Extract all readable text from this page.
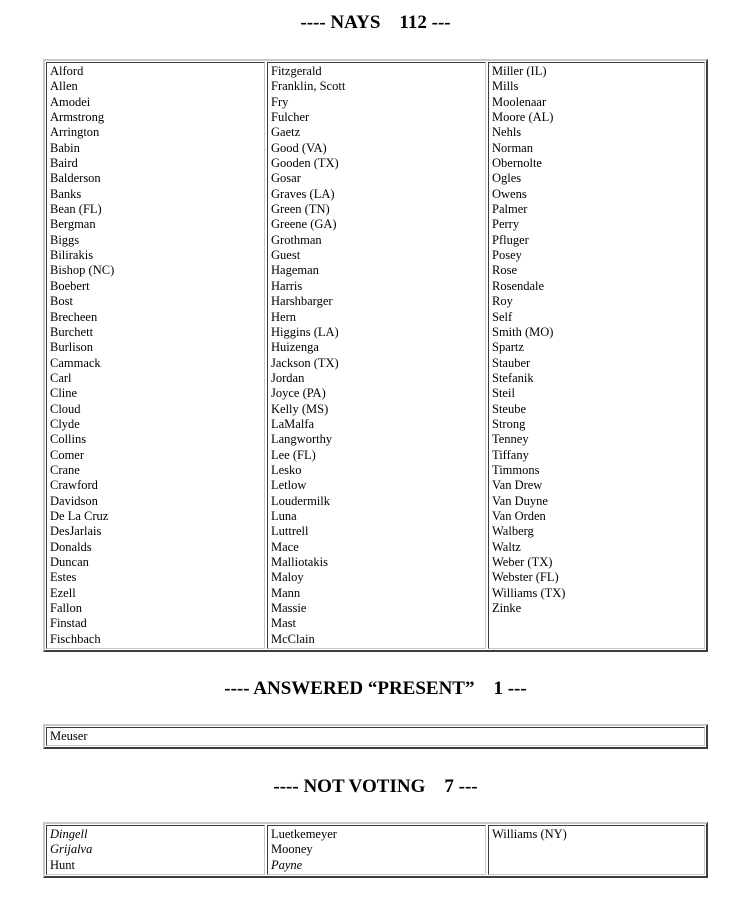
---- NAYS    112 ---
Alford
Allen
Amodei
Armstrong
Arrington
Babin
Baird
Balderson
Banks
Bean (FL)
Bergman
Biggs
Bilirakis
Bishop (NC)
Boebert
Bost
Brecheen
Burchett
Burlison
Cammack
Carl
Cline
Cloud
Clyde
Collins
Comer
Crane
Crawford
Davidson
De La Cruz
DesJarlais
Donalds
Duncan
Estes
Ezell
Fallon
Finstad
Fischbach
Fitzgerald
Franklin, Scott
Fry
Fulcher
Gaetz
Good (VA)
Gooden (TX)
Gosar
Graves (LA)
Green (TN)
Greene (GA)
Grothman
Guest
Hageman
Harris
Harshbarger
Hern
Higgins (LA)
Huizenga
Jackson (TX)
Jordan
Joyce (PA)
Kelly (MS)
LaMalfa
Langworthy
Lee (FL)
Lesko
Letlow
Loudermilk
Luna
Luttrell
Mace
Malliotakis
Maloy
Mann
Massie
Mast
McClain
Miller (IL)
Mills
Moolenaar
Moore (AL)
Nehls
Norman
Obernolte
Ogles
Owens
Palmer
Perry
Pfluger
Posey
Rose
Rosendale
Roy
Self
Smith (MO)
Spartz
Stauber
Stefanik
Steil
Steube
Strong
Tenney
Tiffany
Timmons
Van Drew
Van Duyne
Van Orden
Walberg
Waltz
Weber (TX)
Webster (FL)
Williams (TX)
Zinke
---- ANSWERED “PRESENT”    1 ---
Meuser
---- NOT VOTING    7 ---
Dingell
Grijalva
Hunt
Luetkemeyer
Mooney
Payne
Williams (NY)
